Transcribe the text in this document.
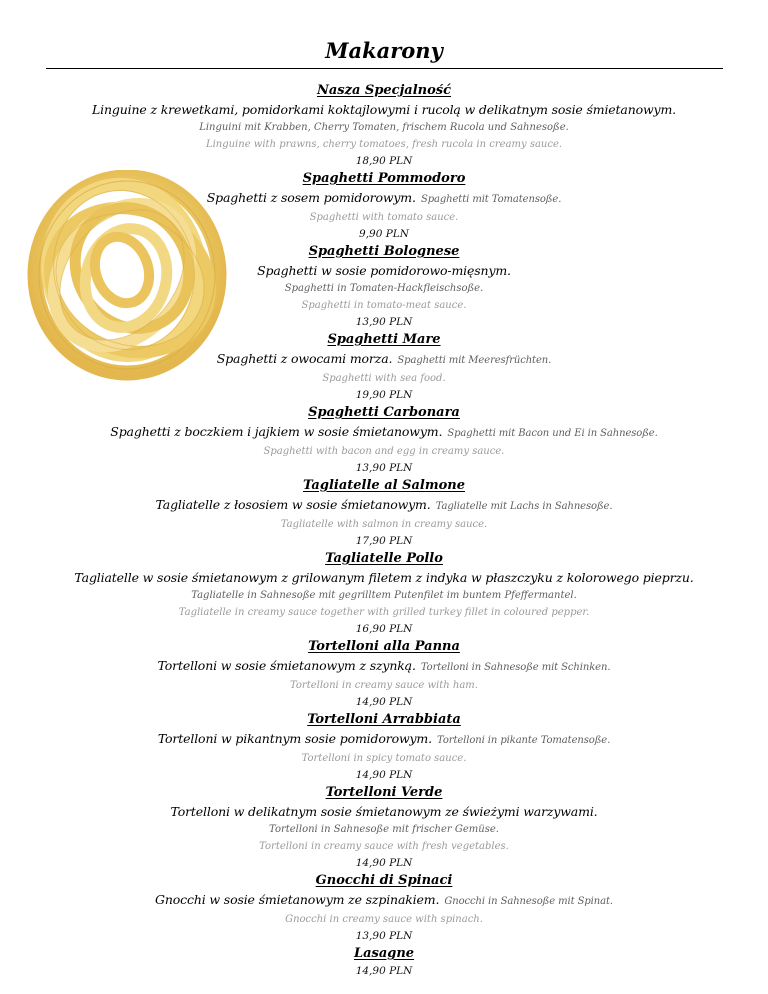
Makarony
Nasza Specjalność
Linguine z krewetkami, pomidorkami koktajlowymi i rucolą w delikatnym sosie śmietanowym.
Linguini mit Krabben, Cherry Tomaten, frischem Rucola und Sahnesoße.
Linguine with prawns, cherry tomatoes, fresh rucola in creamy sauce.
18,90 PLN
Spaghetti Pommodoro
Spaghetti z sosem pomidorowym. Spaghetti mit Tomatensoße.
Spaghetti with tomato sauce.
9,90 PLN
Spaghetti Bolognese
Spaghetti w sosie pomidorowo-mięsnym.
Spaghetti in Tomaten-Hackfleischsoße.
Spaghetti in tomato-meat sauce.
13,90 PLN
Spaghetti Mare
Spaghetti z owocami morza. Spaghetti mit Meeresfrüchten.
Spaghetti with sea food.
19,90 PLN
Spaghetti Carbonara
Spaghetti z boczkiem i jajkiem w sosie śmietanowym. Spaghetti mit Bacon und Ei in Sahnesoße.
Spaghetti with bacon and egg in creamy sauce.
13,90 PLN
Tagliatelle al Salmone
Tagliatelle z łososiem w sosie śmietanowym. Tagliatelle mit Lachs in Sahnesoße.
Tagliatelle with salmon in creamy sauce.
17,90 PLN
Tagliatelle Pollo
Tagliatelle w sosie śmietanowym z grilowanym filetem z indyka w płaszczyku z kolorowego pieprzu.
Tagliatelle in Sahnesoße mit gegrilltem Putenfilet im buntem Pfeffermantel.
Tagliatelle in creamy sauce together with grilled turkey fillet in coloured pepper.
16,90 PLN
Tortelloni alla Panna
Tortelloni w sosie śmietanowym z szynką. Tortelloni in Sahnesoße mit Schinken.
Tortelloni in creamy sauce with ham.
14,90 PLN
Tortelloni Arrabbiata
Tortelloni w pikantnym sosie pomidorowym. Tortelloni in pikante Tomatensoße.
Tortelloni in spicy tomato sauce.
14,90 PLN
Tortelloni Verde
Tortelloni w delikatnym sosie śmietanowym ze świeżymi warzywami.
Tortelloni in Sahnesoße mit frischer Gemüse.
Tortelloni in creamy sauce with fresh vegetables.
14,90 PLN
Gnocchi di Spinaci
Gnocchi w sosie śmietanowym ze szpinakiem. Gnocchi in Sahnesoße mit Spinat.
Gnocchi in creamy sauce with spinach.
13,90 PLN
Lasagne
14,90 PLN
